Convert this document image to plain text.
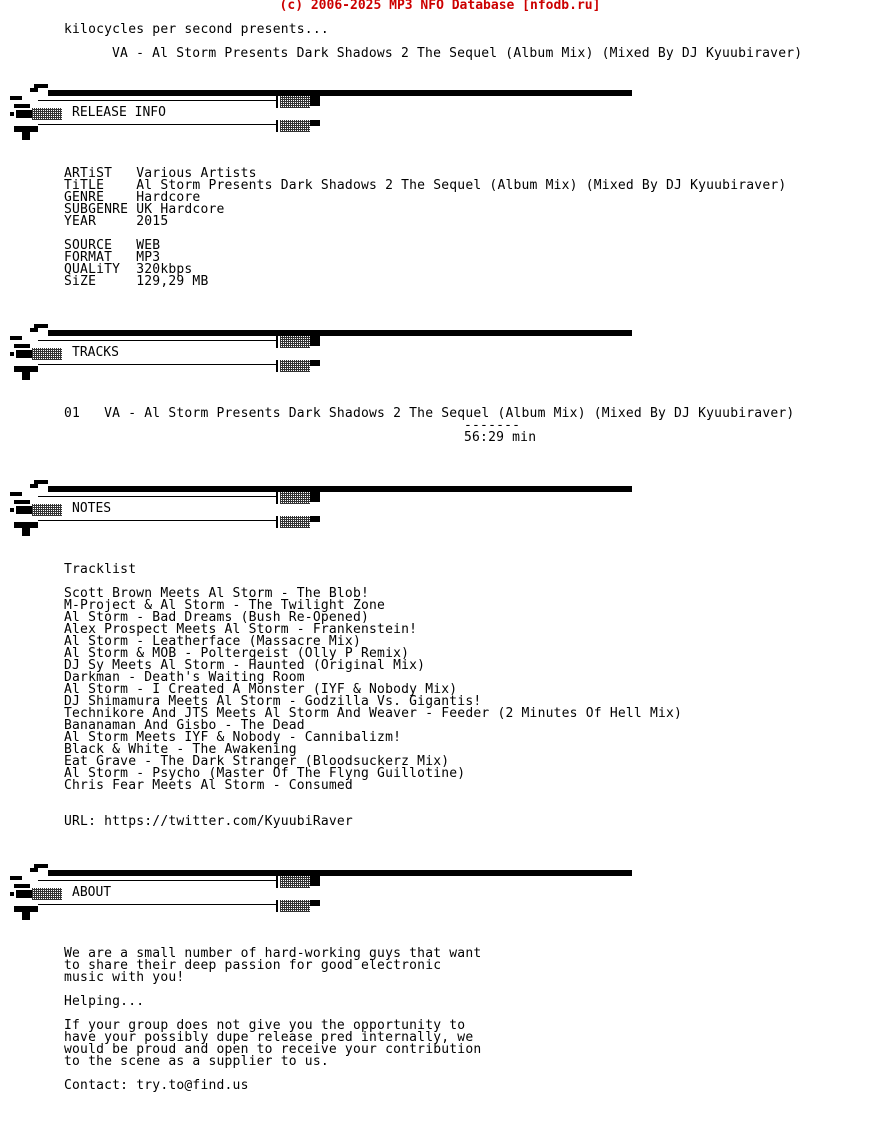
(c) 2006-2025 MP3 NFO Database [nfodb.ru]
kilocycles per second presents...
VA - Al Storm Presents Dark Shadows 2 The Sequel (Album Mix) (Mixed By DJ Kyuubiraver)
RELEASE INFO
ARTiST   Various Artists
TiTLE    Al Storm Presents Dark Shadows 2 The Sequel (Album Mix) (Mixed By DJ Kyuubiraver)
GENRE    Hardcore
SUBGENRE UK Hardcore
YEAR     2015
SOURCE   WEB
FORMAT   MP3
QUALiTY  320kbps
SiZE     129,29 MB
TRACKS
01   VA - Al Storm Presents Dark Shadows 2 The Sequel (Album Mix) (Mixed By DJ Kyuubiraver)
-------
56:29 min
NOTES
Tracklist
Scott Brown Meets Al Storm - The Blob!
M-Project & Al Storm - The Twilight Zone
Al Storm - Bad Dreams (Bush Re-Opened)
Alex Prospect Meets Al Storm - Frankenstein!
Al Storm - Leatherface (Massacre Mix)
Al Storm & MOB - Poltergeist (Olly P Remix)
DJ Sy Meets Al Storm - Haunted (Original Mix)
Darkman - Death's Waiting Room
Al Storm - I Created A Monster (IYF & Nobody Mix)
DJ Shimamura Meets Al Storm - Godzilla Vs. Gigantis!
Technikore And JTS Meets Al Storm And Weaver - Feeder (2 Minutes Of Hell Mix)
Bananaman And Gisbo - The Dead
Al Storm Meets IYF & Nobody - Cannibalizm!
Black & White - The Awakening
Eat Grave - The Dark Stranger (Bloodsuckerz Mix)
Al Storm - Psycho (Master Of The Flyng Guillotine)
Chris Fear Meets Al Storm - Consumed
URL: https://twitter.com/KyuubiRaver
ABOUT
We are a small number of hard-working guys that want
to share their deep passion for good electronic
music with you!
Helping...
If your group does not give you the opportunity to
have your possibly dupe release pred internally, we
would be proud and open to receive your contribution
to the scene as a supplier to us.
Contact: try.to@find.us
